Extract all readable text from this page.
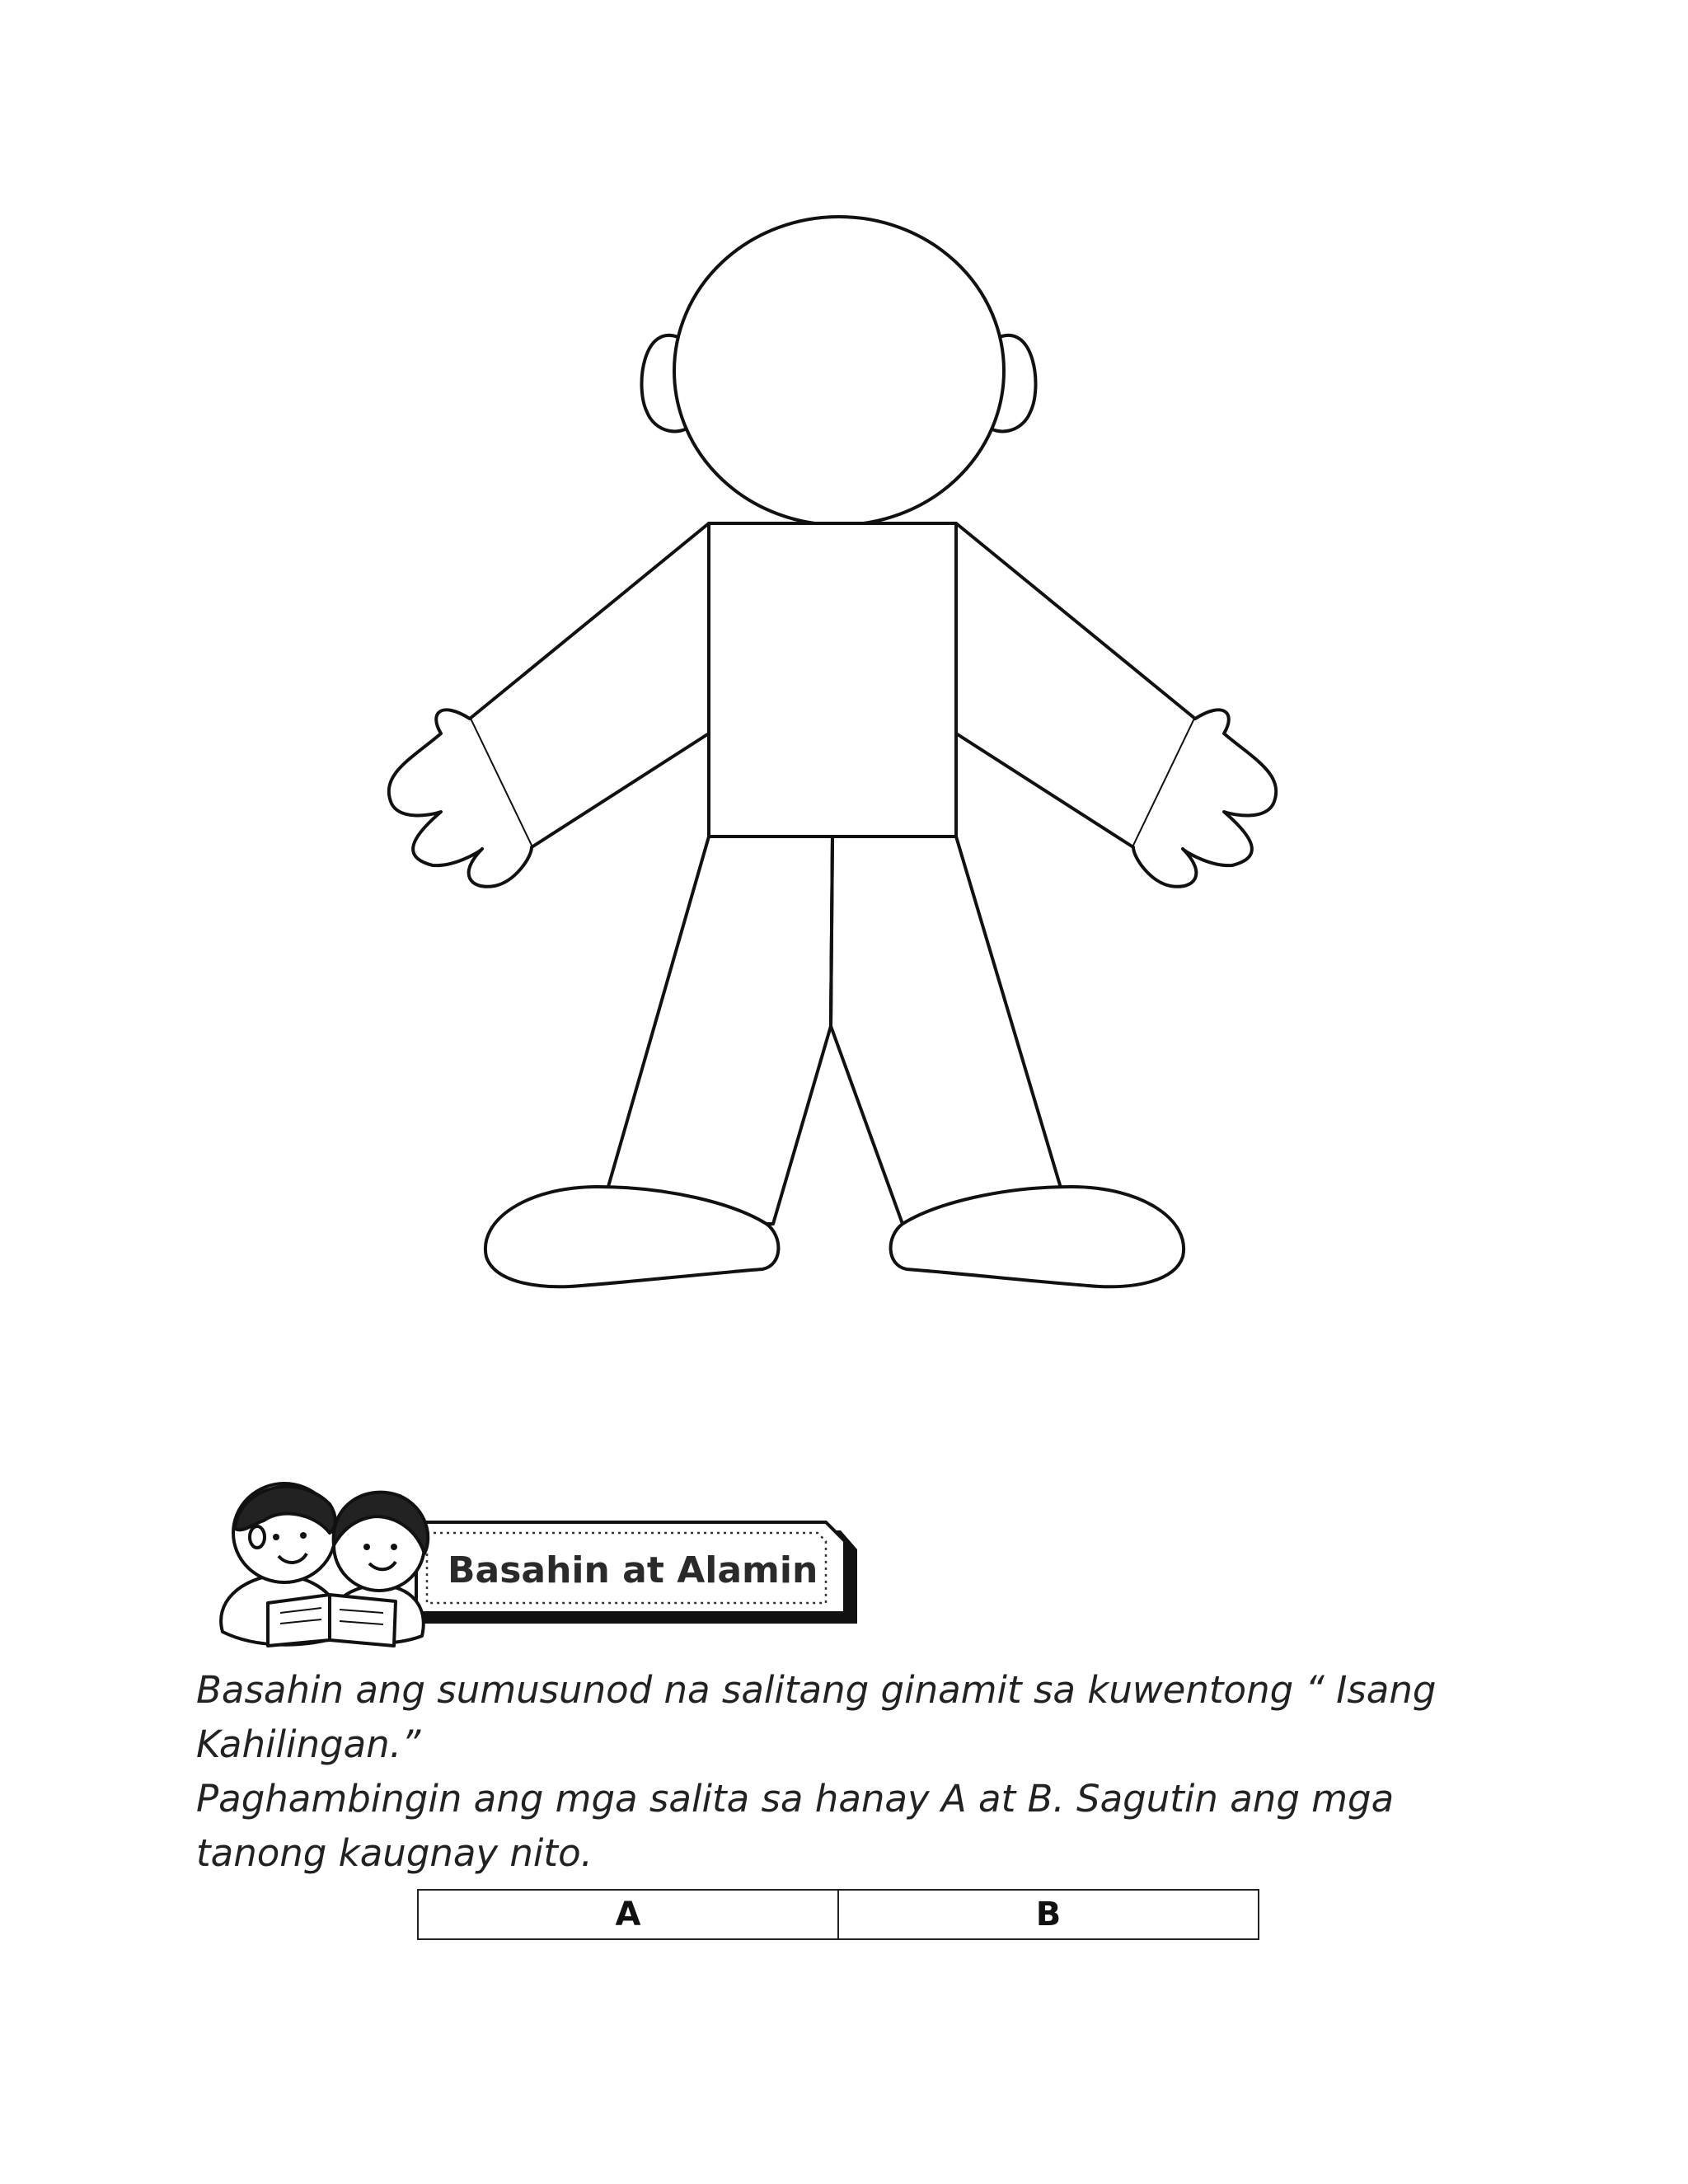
Basahin at Alamin

Basahin ang sumusunod na salitang ginamit sa kuwentong “ Isang Kahilingan.”

Paghambingin ang mga salita sa hanay A at B. Sagutin ang mga tanong kaugnay nito.

A	B
